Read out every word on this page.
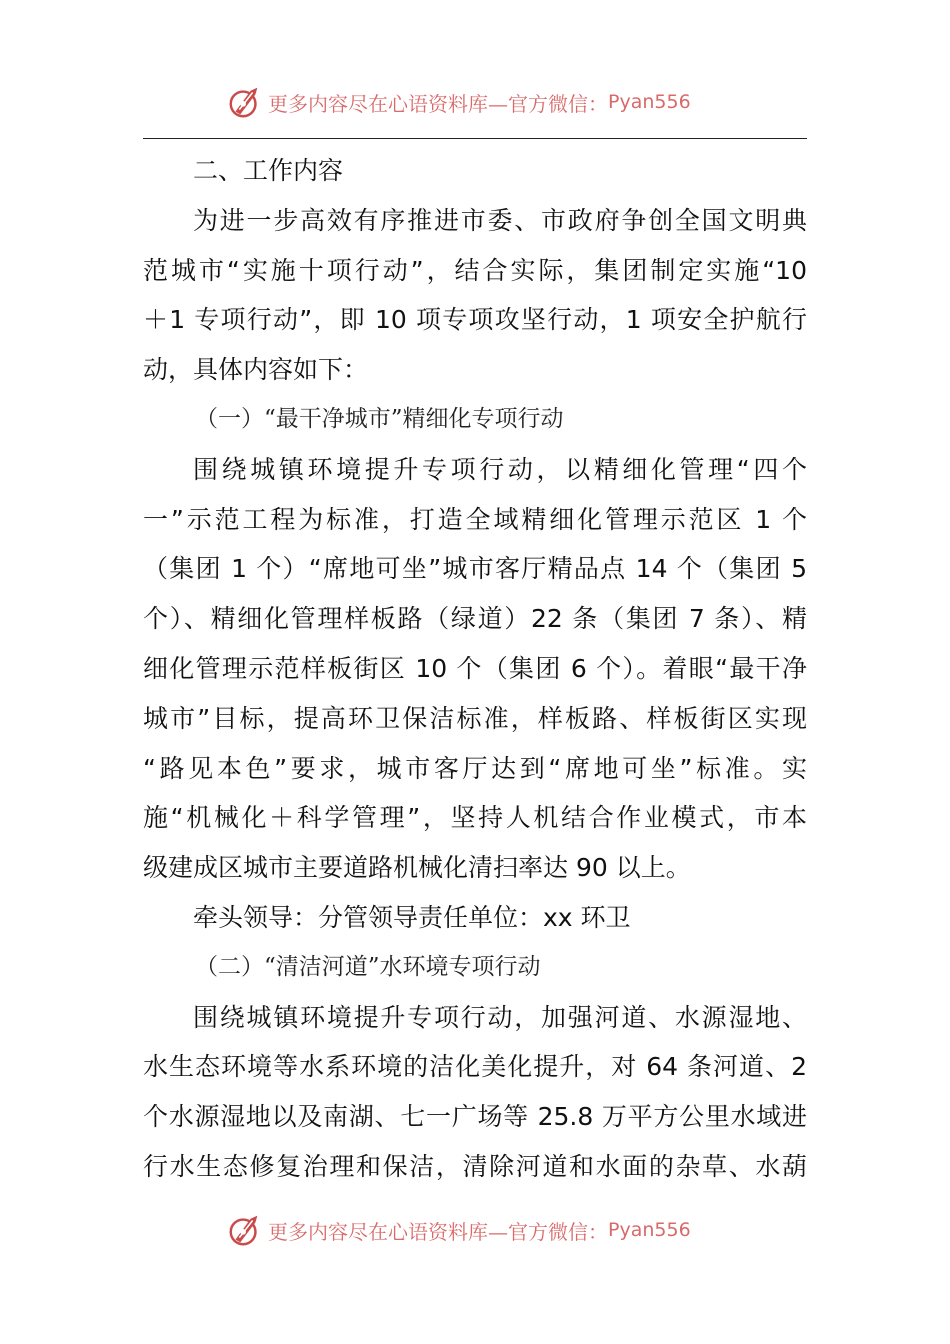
更多内容尽在心语资料库—官方微信： Pyan556
二、工作内容
为进一步高效有序推进市委、市政府争创全国文明典
范城市“实施十项行动”，结合实际，集团制定实施“10
＋1 专项行动”，即 10 项专项攻坚行动，1 项安全护航行
动，具体内容如下：
（一）“最干净城市”精细化专项行动
围绕城镇环境提升专项行动，以精细化管理“四个
一”示范工程为标准，打造全域精细化管理示范区 1 个
（集团 1 个）“席地可坐”城市客厅精品点 14 个（集团 5
个）、精细化管理样板路（绿道）22 条（集团 7 条）、精
细化管理示范样板街区 10 个（集团 6 个）。着眼“最干净
城市”目标，提高环卫保洁标准，样板路、样板街区实现
“路见本色”要求，城市客厅达到“席地可坐”标准。实
施“机械化＋科学管理”，坚持人机结合作业模式，市本
级建成区城市主要道路机械化清扫率达 90 以上。
牵头领导：分管领导责任单位：xx 环卫
（二）“清洁河道”水环境专项行动
围绕城镇环境提升专项行动，加强河道、水源湿地、
水生态环境等水系环境的洁化美化提升，对 64 条河道、2
个水源湿地以及南湖、七一广场等 25.8 万平方公里水域进
行水生态修复治理和保洁，清除河道和水面的杂草、水葫
更多内容尽在心语资料库—官方微信： Pyan556
